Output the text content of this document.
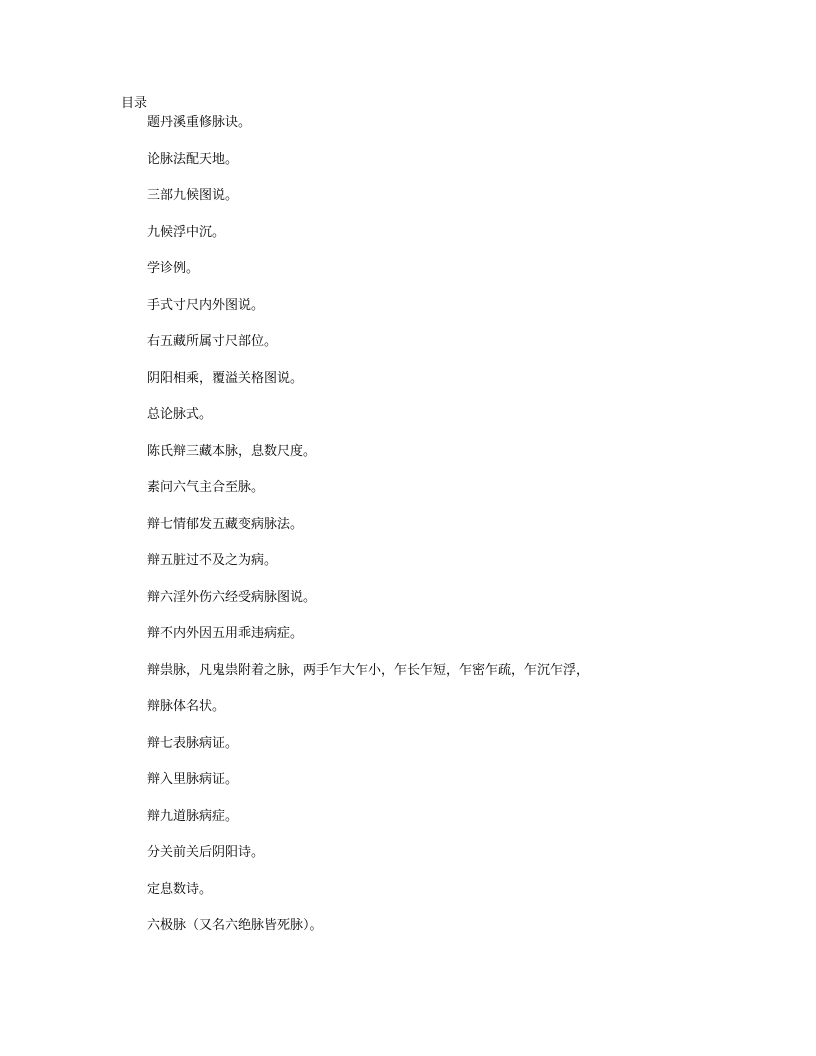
目录
题丹溪重修脉诀。
论脉法配天地。
三部九候图说。
九候浮中沉。
学诊例。
手式寸尺内外图说。
右五藏所属寸尺部位。
阴阳相乘，覆溢关格图说。
总论脉式。
陈氏辩三藏本脉，息数尺度。
素问六气主合至脉。
辩七情郁发五藏变病脉法。
辩五脏过不及之为病。
辩六淫外伤六经受病脉图说。
辩不内外因五用乖违病症。
辩祟脉，凡鬼祟附着之脉，两手乍大乍小，乍长乍短，乍密乍疏，乍沉乍浮，
辩脉体名状。
辩七表脉病证。
辩入里脉病证。
辩九道脉病症。
分关前关后阴阳诗。
定息数诗。
六极脉（又名六绝脉皆死脉）。
